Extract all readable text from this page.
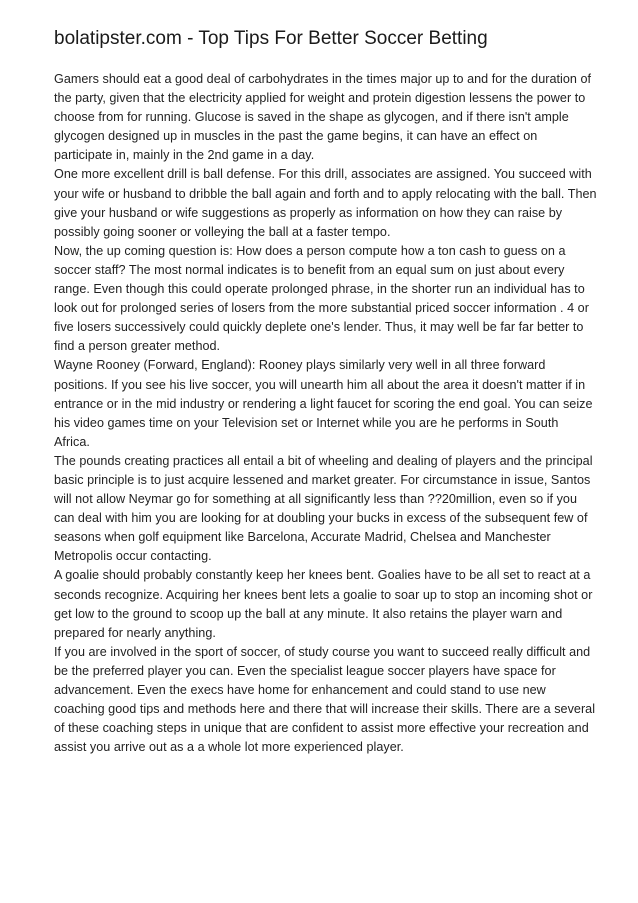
bolatipster.com - Top Tips For Better Soccer Betting

Gamers should eat a good deal of carbohydrates in the times major up to and for the duration of the party, given that the electricity applied for weight and protein digestion lessens the power to choose from for running. Glucose is saved in the shape as glycogen, and if there isn't ample glycogen designed up in muscles in the past the game begins, it can have an effect on participate in, mainly in the 2nd game in a day.

One more excellent drill is ball defense. For this drill, associates are assigned. You succeed with your wife or husband to dribble the ball again and forth and to apply relocating with the ball. Then give your husband or wife suggestions as properly as information on how they can raise by possibly going sooner or volleying the ball at a faster tempo.

Now, the up coming question is: How does a person compute how a ton cash to guess on a soccer staff? The most normal indicates is to benefit from an equal sum on just about every range. Even though this could operate prolonged phrase, in the shorter run an individual has to look out for prolonged series of losers from the more substantial priced soccer information . 4 or five losers successively could quickly deplete one's lender. Thus, it may well be far far better to find a person greater method.

Wayne Rooney (Forward, England): Rooney plays similarly very well in all three forward positions. If you see his live soccer, you will unearth him all about the area it doesn't matter if in entrance or in the mid industry or rendering a light faucet for scoring the end goal. You can seize his video games time on your Television set or Internet while you are he performs in South Africa.

The pounds creating practices all entail a bit of wheeling and dealing of players and the principal basic principle is to just acquire lessened and market greater. For circumstance in issue, Santos will not allow Neymar go for something at all significantly less than ??20million, even so if you can deal with him you are looking for at doubling your bucks in excess of the subsequent few of seasons when golf equipment like Barcelona, Accurate Madrid, Chelsea and Manchester Metropolis occur contacting.

A goalie should probably constantly keep her knees bent. Goalies have to be all set to react at a seconds recognize. Acquiring her knees bent lets a goalie to soar up to stop an incoming shot or get low to the ground to scoop up the ball at any minute. It also retains the player warn and prepared for nearly anything.

If you are involved in the sport of soccer, of study course you want to succeed really difficult and be the preferred player you can. Even the specialist league soccer players have space for advancement. Even the execs have home for enhancement and could stand to use new coaching good tips and methods here and there that will increase their skills. There are a several of these coaching steps in unique that are confident to assist more effective your recreation and assist you arrive out as a a whole lot more experienced player.
